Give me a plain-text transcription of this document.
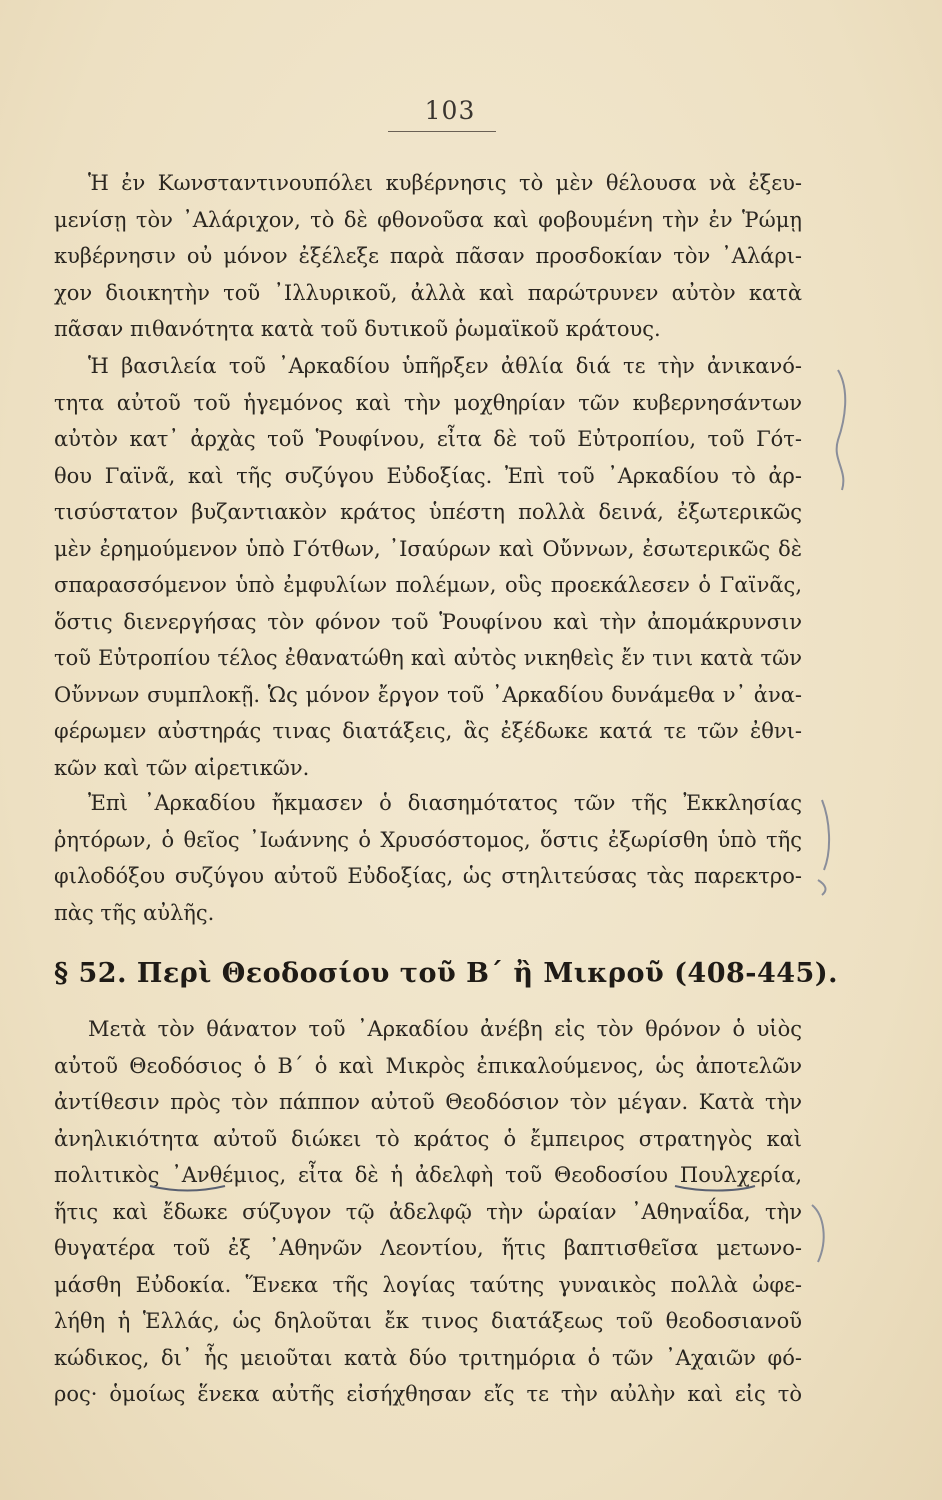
103
Ἡ ἐν Κωνσταντινουπόλει κυβέρνησις τὸ μὲν θέλουσα νὰ ἐξευ-
μενίσῃ τὸν ᾿Αλάριχον, τὸ δὲ φθονοῦσα καὶ φοβουμένη τὴν ἐν Ῥώμῃ
κυβέρνησιν οὐ μόνον ἐξέλεξε παρὰ πᾶσαν προσδοκίαν τὸν ᾿Αλάρι-
χον διοικητὴν τοῦ ᾿Ιλλυρικοῦ, ἀλλὰ καὶ παρώτρυνεν αὐτὸν κατὰ
πᾶσαν πιθανότητα κατὰ τοῦ δυτικοῦ ῥωμαϊκοῦ κράτους.
Ἡ βασιλεία τοῦ ᾿Αρκαδίου ὑπῆρξεν ἀθλία διά τε τὴν ἀνικανό-
τητα αὐτοῦ τοῦ ἡγεμόνος καὶ τὴν μοχθηρίαν τῶν κυβερνησάντων
αὐτὸν κατ᾿ ἀρχὰς τοῦ Ῥουφίνου, εἶτα δὲ τοῦ Εὐτροπίου, τοῦ Γότ-
θου Γαϊνᾶ, καὶ τῆς συζύγου Εὐδοξίας. Ἐπὶ τοῦ ᾿Αρκαδίου τὸ ἀρ-
τισύστατον βυζαντιακὸν κράτος ὑπέστη πολλὰ δεινά, ἐξωτερικῶς
μὲν ἐρημούμενον ὑπὸ Γότθων, ᾿Ισαύρων καὶ Οὔννων, ἐσωτερικῶς δὲ
σπαρασσόμενον ὑπὸ ἐμφυλίων πολέμων, οὓς προεκάλεσεν ὁ Γαϊνᾶς,
ὅστις διενεργήσας τὸν φόνον τοῦ Ῥουφίνου καὶ τὴν ἀπομάκρυνσιν
τοῦ Εὐτροπίου τέλος ἐθανατώθη καὶ αὐτὸς νικηθεὶς ἔν τινι κατὰ τῶν
Οὔννων συμπλοκῇ. Ὡς μόνον ἔργον τοῦ ᾿Αρκαδίου δυνάμεθα ν᾿ ἀνα-
φέρωμεν αὐστηράς τινας διατάξεις, ἃς ἐξέδωκε κατά τε τῶν ἐθνι-
κῶν καὶ τῶν αἱρετικῶν.
Ἐπὶ ᾿Αρκαδίου ἤκμασεν ὁ διασημότατος τῶν τῆς Ἐκκλησίας
ῥητόρων, ὁ θεῖος ᾿Ιωάννης ὁ Χρυσόστομος, ὅστις ἐξωρίσθη ὑπὸ τῆς
φιλοδόξου συζύγου αὐτοῦ Εὐδοξίας, ὡς στηλιτεύσας τὰς παρεκτρο-
πὰς τῆς αὐλῆς.
§ 52. Περὶ Θεοδοσίου τοῦ Β´ ἢ Μικροῦ (408-445).
Μετὰ τὸν θάνατον τοῦ ᾿Αρκαδίου ἀνέβη εἰς τὸν θρόνον ὁ υἱὸς
αὐτοῦ Θεοδόσιος ὁ Β´ ὁ καὶ Μικρὸς ἐπικαλούμενος, ὡς ἀποτελῶν
ἀντίθεσιν πρὸς τὸν πάππον αὐτοῦ Θεοδόσιον τὸν μέγαν. Κατὰ τὴν
ἀνηλικιότητα αὐτοῦ διώκει τὸ κράτος ὁ ἔμπειρος στρατηγὸς καὶ
πολιτικὸς ᾿Ανθέμιος, εἶτα δὲ ἡ ἀδελφὴ τοῦ Θεοδοσίου Πουλχερία,
ἥτις καὶ ἔδωκε σύζυγον τῷ ἀδελφῷ τὴν ὡραίαν ᾿Αθηναΐδα, τὴν
θυγατέρα τοῦ ἐξ ᾿Αθηνῶν Λεοντίου, ἥτις βαπτισθεῖσα μετωνο-
μάσθη Εὐδοκία. Ἕνεκα τῆς λογίας ταύτης γυναικὸς πολλὰ ὠφε-
λήθη ἡ Ἑλλάς, ὡς δηλοῦται ἔκ τινος διατάξεως τοῦ θεοδοσιανοῦ
κώδικος, δι᾿ ἧς μειοῦται κατὰ δύο τριτημόρια ὁ τῶν ᾿Αχαιῶν φό-
ρος· ὁμοίως ἕνεκα αὐτῆς εἰσήχθησαν εἴς τε τὴν αὐλὴν καὶ εἰς τὸ
